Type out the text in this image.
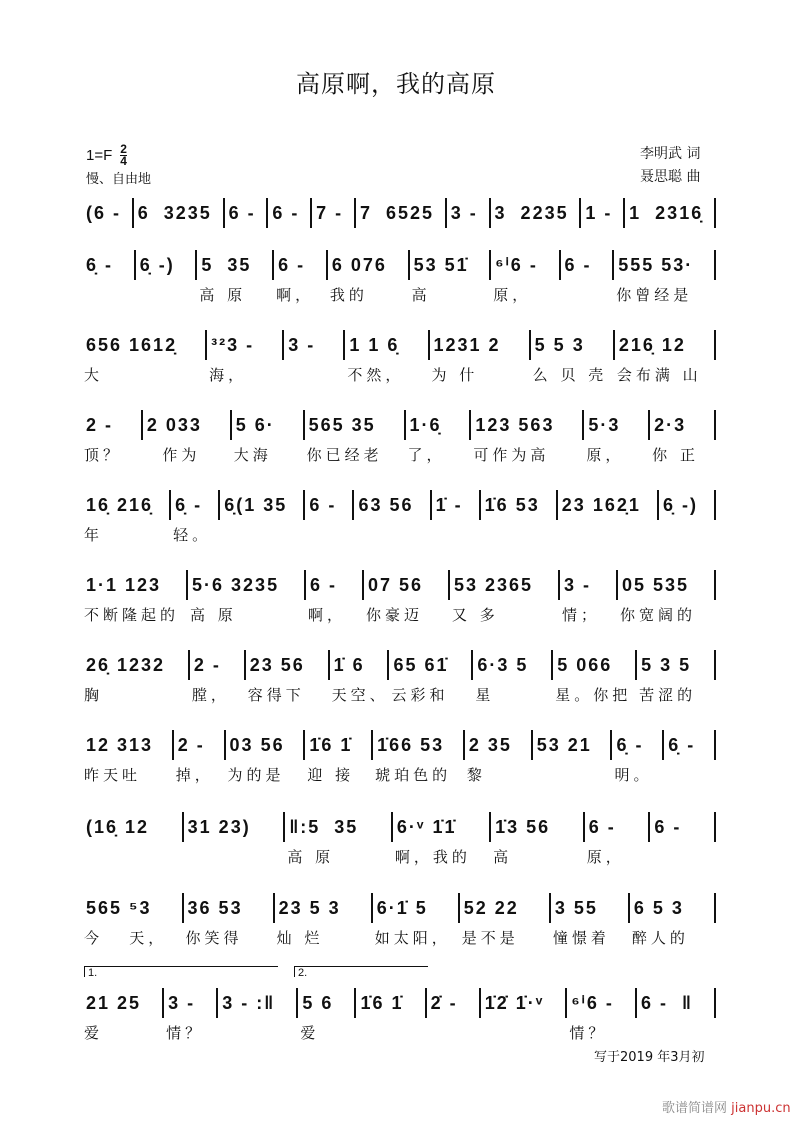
高原啊，我的高原
$1=F \frac{2}{4}$
慢、自由地
李明武 词
聂思聪 曲
(6 - 6  3235 6 - 6 - 7 - 7  6525 3 - 3  2235 1 - 1  2316̣
6̣ -	6̣ -)	5  35
高 原
6 -
啊，
6 076
我的
53 51̇
高
⁶ⁱ6 -
原，
6 -	555 53·
你曾经是
656 1612̣
大
³²3 -
海，
3 -	1 1 6̣
不然，
1231 2
为 什
5 5 3
么 贝 壳
216̣ 12
会布满 山
2 -
顶？
2 033
作为
5 6·
大海
565 35
你已经老
1·6̣
了，
123 563
可作为高
5·3
原，
2·3
你 正
16̣ 216̣
年
6̣ -
轻。
6̣(1 35	6 -	63 56	1̇ -	1̇6 53	23 162̣1	6̣ -)
1·1 123
不断隆起的
5·6 3235
高 原
6 -
啊，
07 56
你豪迈
53 2365
又 多
3 -
情；
05 535
你宽阔的
26̣ 1232
胸
2 -
膛，
23 56
容得下
1̇ 6
天空、
65 61̇
云彩和
6·3 5
星
5 066
星。你把
5 3 5
苦涩的
12 313
昨天吐
2 -
掉，
03 56
为的是
1̇6 1̇
迎 接
1̇66 53
琥珀色的
2 35
黎
53 21	6̣ -
明。
6̣ -
(16̣ 12	31 23)	‖:5  35
高 原
6·ᵛ 1̇1̇
啊，我的
1̇3 56
高
6 -
原，
6 -
565 ⁵3
今   天，
36 53
你笑得
23 5 3
灿 烂
6·1̇ 5
如太阳，
52 22
是不是
3 55
憧憬着
6 5 3
醉人的
21 25
爱
3 -
情？
3 - :‖	5 6
爱
1̇6 1̇	2̇ -	1̇2̇ 1̇·ᵛ	⁶ⁱ6 -
情？
6 -  ‖
1.	2.
写于2019 年3月初
歌谱简谱网 jianpu.cn
